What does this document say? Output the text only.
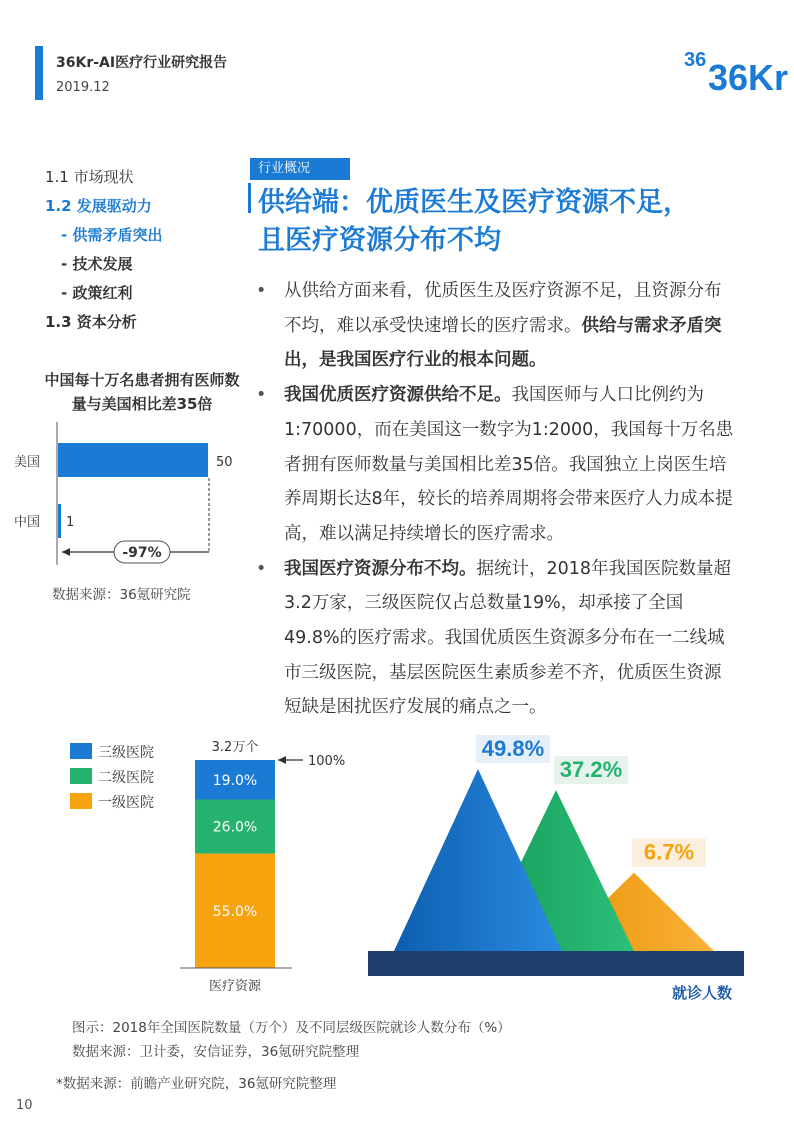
36Kr-AI医疗行业研究报告
2019.12
36 36Kr
1.1 市场现状
1.2 发展驱动力
- 供需矛盾突出
- 技术发展
- 政策红利
1.3 资本分析
中国每十万名患者拥有医师数量与美国相比差35倍
美国
中国
50
1
-97%
数据来源：36氪研究院
行业概况
供给端：优质医生及医疗资源不足，
且医疗资源分布不均
• 从供给方面来看，优质医生及医疗资源不足，且资源分布不均，难以承受快速增长的医疗需求。供给与需求矛盾突出，是我国医疗行业的根本问题。
• 我国优质医疗资源供给不足。我国医师与人口比例约为1:70000，而在美国这一数字为1:2000，我国每十万名患者拥有医师数量与美国相比差35倍。我国独立上岗医生培养周期长达8年，较长的培养周期将会带来医疗人力成本提高，难以满足持续增长的医疗需求。
• 我国医疗资源分布不均。据统计，2018年我国医院数量超3.2万家，三级医院仅占总数量19%，却承接了全国49.8%的医疗需求。我国优质医生资源多分布在一二线城市三级医院，基层医院医生素质参差不齐，优质医生资源短缺是困扰医疗发展的痛点之一。
三级医院
二级医院
一级医院
3.2万个
100%
19.0%
26.0%
55.0%
医疗资源
6.7%
37.2%
49.8%
就诊人数
图示：2018年全国医院数量（万个）及不同层级医院就诊人数分布（%）
数据来源：卫计委，安信证券，36氪研究院整理
*数据来源：前瞻产业研究院，36氪研究院整理
10
